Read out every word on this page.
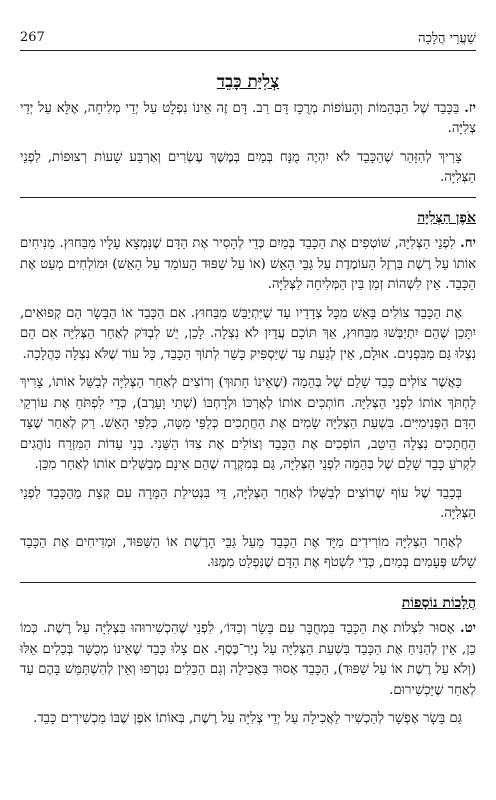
267	שַׁעֲרֵי הֲלָכָה
צְלִיַּת כָּבֵד

יז. בַּכָּבֵד שֶׁל הַבְּהֵמוֹת וְהָעוֹפוֹת מְרֻכָּז דָּם רַב. דָּם זֶה אֵינוֹ נִפְלָט עַל יְדֵי מְלִיחָה, אֶלָּא עַל יְדֵי צְלִיָּה.

צָרִיךְ לְהִזָּהֵר שֶׁהַכָּבֵד לֹא יִהְיֶה מֻנָּח בְּמַיִם בְּמֶשֶׁךְ עֶשְׂרִים וְאַרְבַּע שָׁעוֹת רְצוּפוֹת, לִפְנֵי הַצְּלִיָּה.

אֹפֶן הַצְּלִיָּה

יח. לִפְנֵי הַצְּלִיָּה, שׁוֹטְפִים אֶת הַכָּבֵד בְּמַיִם כְּדֵי לְהָסִיר אֶת הַדָּם שֶׁנִּמְצָא עָלָיו מִבַּחוּץ. מַנִּיחִים אוֹתוֹ עַל רֶשֶׁת בַּרְזֶל הָעוֹמֶדֶת עַל גַּבֵּי הָאֵשׁ (אוֹ עַל שַׁפּוּד הָעוֹמֵד עַל הָאֵשׁ) וּמוֹלְחִים מְעַט אֶת הַכָּבֵד. אֵין לִשְׁהוֹת זְמַן בֵּין הַמְּלִיחָה לַצְּלִיָּה.

אֶת הַכָּבֵד צוֹלִים בָּאֵשׁ מִכָּל צְדָדָיו עַד שֶׁיִּתְיַבֵּשׁ מִבַּחוּץ. אִם הַכָּבֵד אוֹ הַבָּשָׂר הֵם קְפוּאִים, יִתָּכֵן שֶׁהֵם יִתְיַבְּשׁוּ מִבַּחוּץ, אַךְ תּוֹכָם עֲדַיִן לֹא נִצְלָה. לָכֵן, יֵשׁ לִבְדֹּק לְאַחַר הַצְּלִיָּה אִם הֵם נִצְלוּ גַּם מִבִּפְנִים. אוּלָם, אֵין לְגַעַת עַד שֶׁיַּסְפִּיק כָּשֵׁר לְתוֹךְ הַכָּבֵד, כָּל עוֹד שֶׁלֹּא נִצְלָה כַּהֲלָכָה.

כַּאֲשֶׁר צוֹלִים כָּבֵד שָׁלֵם שֶׁל בְּהֵמָה (שֶׁאֵינוֹ חָתוּךְ) וְרוֹצִים לְאַחַר הַצְּלִיָּה לְבַשֵּׁל אוֹתוֹ, צָרִיךְ לַחְתֹּךְ אוֹתוֹ לִפְנֵי הַצְּלִיָּה. חוֹתְכִים אוֹתוֹ לְאָרְכּוֹ וּלְרָחְבּוֹ (שְׁתִי וָעֵרֶב), כְּדֵי לִפְתֹּחַ אֶת עוֹרְקֵי הַדָּם הַפְּנִימִיִּים. בִּשְׁעַת הַצְּלִיָּה שָׂמִים אֶת הַחֲתָכִים כְּלַפֵּי מַטָּה, כְּלַפֵּי הָאֵשׁ. רַק לְאַחַר שֶׁצַּד הַחֲתָכִים נִצְלָה הֵיטֵב, הוֹפְכִים אֶת הַכָּבֵד וְצוֹלִים אֶת צִדּוֹ הַשֵּׁנִי. בְּנֵי עֵדוֹת הַמִּזְרָח נוֹהֲגִים לִקְרֹעַ כָּבֵד שָׁלֵם שֶׁל בְּהֵמָה לִפְנֵי הַצְּלִיָּה, גַּם בְּמִקְרֶה שֶׁהֵם אֵינָם מְבַשְּׁלִים אוֹתוֹ לְאַחַר מִכֵּן.

בְּכָבֵד שֶׁל עוֹף שֶׁרוֹצִים לְבַשְּׁלוֹ לְאַחַר הַצְּלִיָּה, דַּי בִּנְטִילַת הַמָּרָה עִם קְצָת מֵהַכָּבֵד לִפְנֵי הַצְּלִיָּה.

לְאַחַר הַצְּלִיָּה מוֹרִידִים מִיָּד אֶת הַכָּבֵד מֵעַל גַּבֵּי הָרֶשֶׁת אוֹ הַשַּׁפּוּד, וּמְדִיחִים אֶת הַכָּבֵד שָׁלֹשׁ פְּעָמִים בְּמַיִם, כְּדֵי לִשְׁטֹף אֶת הַדָּם שֶׁנִּפְלַט מִמֶּנּוּ.

הֲלָכוֹת נוֹסָפוֹת

יט. אָסוּר לִצְלוֹת אֶת הַכָּבֵד בִּמְחֻבָּר עִם בָּשָׂר וְכַדּוֹ׳, לִפְנֵי שֶׁהִכְשִׁירוּהוּ בִּצְלִיָּה עַל רֶשֶׁת. כְּמוֹ כֵן, אֵין לְהַנִּיחַ אֶת הַכָּבֵד בִּשְׁעַת הַצְּלִיָּה עַל נְיַר־כֶּסֶף. אִם צָלוּ כָּבֵד שֶׁאֵינוֹ מְכֻשָּׁר בְּכֵלִים אֵלּוּ (וְלֹא עַל רֶשֶׁת אוֹ עַל שַׁפּוּד), הַכָּבֵד אָסוּר בַּאֲכִילָה וְגַם הַכֵּלִים נִטְרְפוּ וְאֵין לְהִשְׁתַּמֵּשׁ בָּהֶם עַד לְאַחַר שֶׁיַּכְשִׁירוּם.

גַּם בָּשָׂר אֶפְשָׁר לְהַכְשִׁיר לַאֲכִילָה עַל יְדֵי צְלִיָּה עַל רֶשֶׁת, בְּאוֹתוֹ אֹפֶן שֶׁבּוֹ מַכְשִׁירִים כָּבֵד.
